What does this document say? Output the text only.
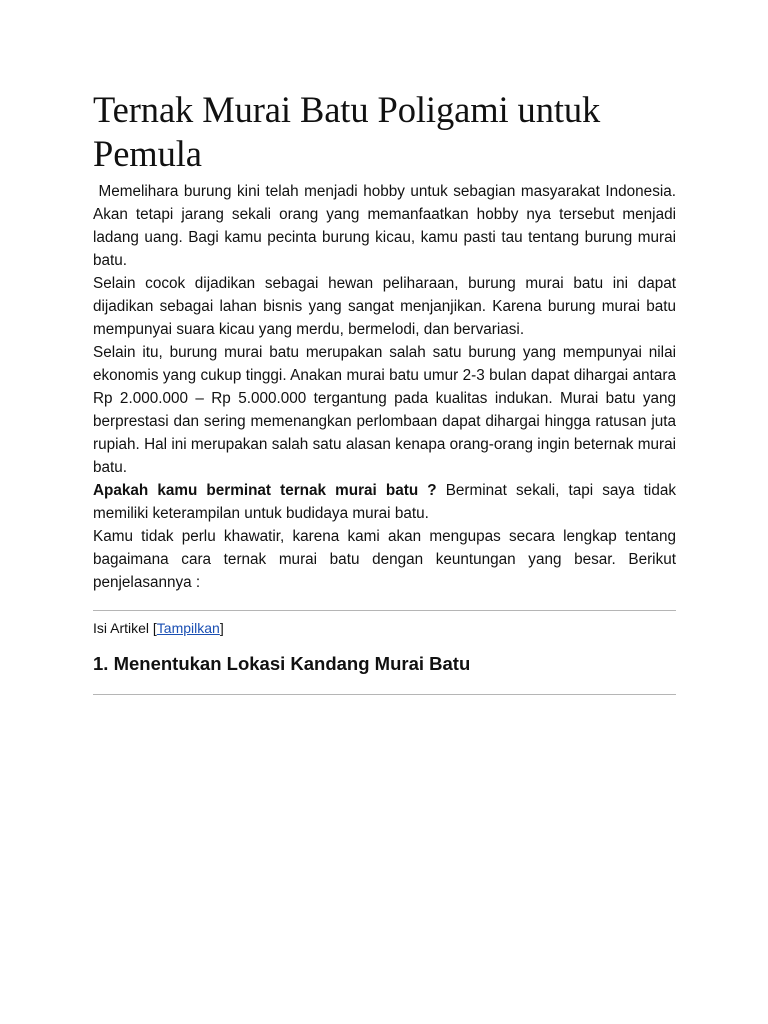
Ternak Murai Batu Poligami untuk Pemula

Memelihara burung kini telah menjadi hobby untuk sebagian masyarakat Indonesia. Akan tetapi jarang sekali orang yang memanfaatkan hobby nya tersebut menjadi ladang uang. Bagi kamu pecinta burung kicau, kamu pasti tau tentang burung murai batu.

Selain cocok dijadikan sebagai hewan peliharaan, burung murai batu ini dapat dijadikan sebagai lahan bisnis yang sangat menjanjikan. Karena burung murai batu mempunyai suara kicau yang merdu, bermelodi, dan bervariasi.

Selain itu, burung murai batu merupakan salah satu burung yang mempunyai nilai ekonomis yang cukup tinggi. Anakan murai batu umur 2-3 bulan dapat dihargai antara Rp 2.000.000 – Rp 5.000.000 tergantung pada kualitas indukan. Murai batu yang berprestasi dan sering memenangkan perlombaan dapat dihargai hingga ratusan juta rupiah. Hal ini merupakan salah satu alasan kenapa orang-orang ingin beternak murai batu.

Apakah kamu berminat ternak murai batu ? Berminat sekali, tapi saya tidak memiliki keterampilan untuk budidaya murai batu.

Kamu tidak perlu khawatir, karena kami akan mengupas secara lengkap tentang bagaimana cara ternak murai batu dengan keuntungan yang besar. Berikut penjelasannya :

Isi Artikel [Tampilkan]
1. Menentukan Lokasi Kandang Murai Batu
